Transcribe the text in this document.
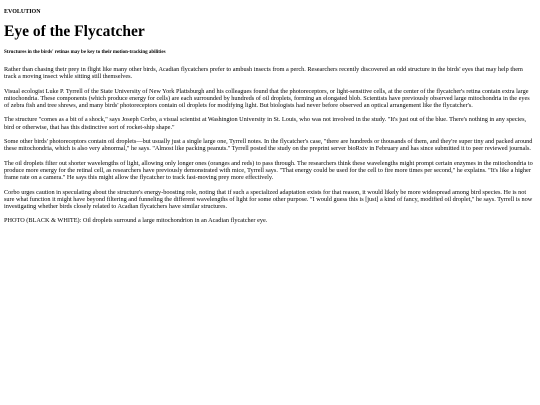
EVOLUTION
Eye of the Flycatcher
Structures in the birds' retinas may be key to their motion-tracking abilities

Rather than chasing their prey in flight like many other birds, Acadian flycatchers prefer to ambush insects from a perch. Researchers recently discovered an odd structure in the birds' eyes that may help them track a moving insect while sitting still themselves.

Visual ecologist Luke P. Tyrrell of the State University of New York Plattsburgh and his colleagues found that the photoreceptors, or light-sensitive cells, at the center of the flycatcher's retina contain extra large mitochondria. These components (which produce energy for cells) are each surrounded by hundreds of oil droplets, forming an elongated blob. Scientists have previously observed large mitochondria in the eyes of zebra fish and tree shrews, and many birds' photoreceptors contain oil droplets for modifying light. But biologists had never before observed an optical arrangement like the flycatcher's.

The structure "comes as a bit of a shock," says Joseph Corbo, a visual scientist at Washington University in St. Louis, who was not involved in the study. "It's just out of the blue. There's nothing in any species, bird or otherwise, that has this distinctive sort of rocket-ship shape."

Some other birds' photoreceptors contain oil droplets—but usually just a single large one, Tyrrell notes. In the flycatcher's case, "there are hundreds or thousands of them, and they're super tiny and packed around these mitochondria, which is also very abnormal," he says. "Almost like packing peanuts." Tyrrell posted the study on the preprint server bioRxiv in February and has since submitted it to peer reviewed journals.

The oil droplets filter out shorter wavelengths of light, allowing only longer ones (oranges and reds) to pass through. The researchers think these wavelengths might prompt certain enzymes in the mitochondria to produce more energy for the retinal cell, as researchers have previously demonstrated with mice, Tyrrell says. "That energy could be used for the cell to fire more times per second," he explains. "It's like a higher frame rate on a camera." He says this might allow the flycatcher to track fast-moving prey more effectively.

Corbo urges caution in speculating about the structure's energy-boosting role, noting that if such a specialized adaptation exists for that reason, it would likely be more widespread among bird species. He is not sure what function it might have beyond filtering and funneling the different wavelengths of light for some other purpose. "I would guess this is [just] a kind of fancy, modified oil droplet," he says. Tyrrell is now investigating whether birds closely related to Acadian flycatchers have similar structures.

PHOTO (BLACK & WHITE): Oil droplets surround a large mitochondrion in an Acadian flycatcher eye.
